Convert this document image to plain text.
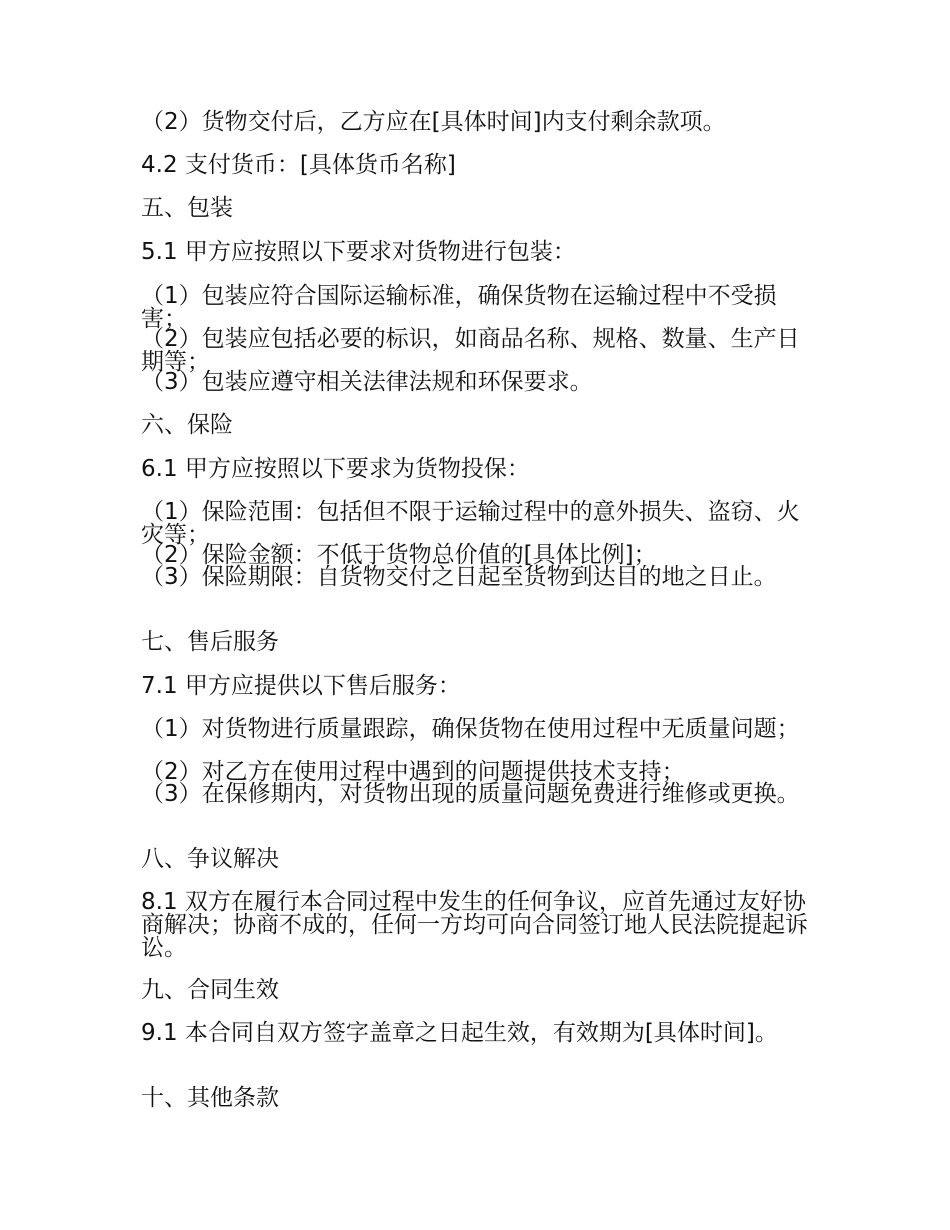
（2）货物交付后，乙方应在[具体时间]内支付剩余款项。

4.2 支付货币：[具体货币名称]

五、包装

5.1 甲方应按照以下要求对货物进行包装：

（1）包装应符合国际运输标准，确保货物在运输过程中不受损害；

（2）包装应包括必要的标识，如商品名称、规格、数量、生产日期等；

（3）包装应遵守相关法律法规和环保要求。

六、保险

6.1 甲方应按照以下要求为货物投保：

（1）保险范围：包括但不限于运输过程中的意外损失、盗窃、火灾等；

（2）保险金额：不低于货物总价值的[具体比例]；

（3）保险期限：自货物交付之日起至货物到达目的地之日止。

七、售后服务

7.1 甲方应提供以下售后服务：

（1）对货物进行质量跟踪，确保货物在使用过程中无质量问题；

（2）对乙方在使用过程中遇到的问题提供技术支持；

（3）在保修期内，对货物出现的质量问题免费进行维修或更换。

八、争议解决

8.1 双方在履行本合同过程中发生的任何争议，应首先通过友好协商解决；协商不成的，任何一方均可向合同签订地人民法院提起诉讼。

九、合同生效

9.1 本合同自双方签字盖章之日起生效，有效期为[具体时间]。

十、其他条款
